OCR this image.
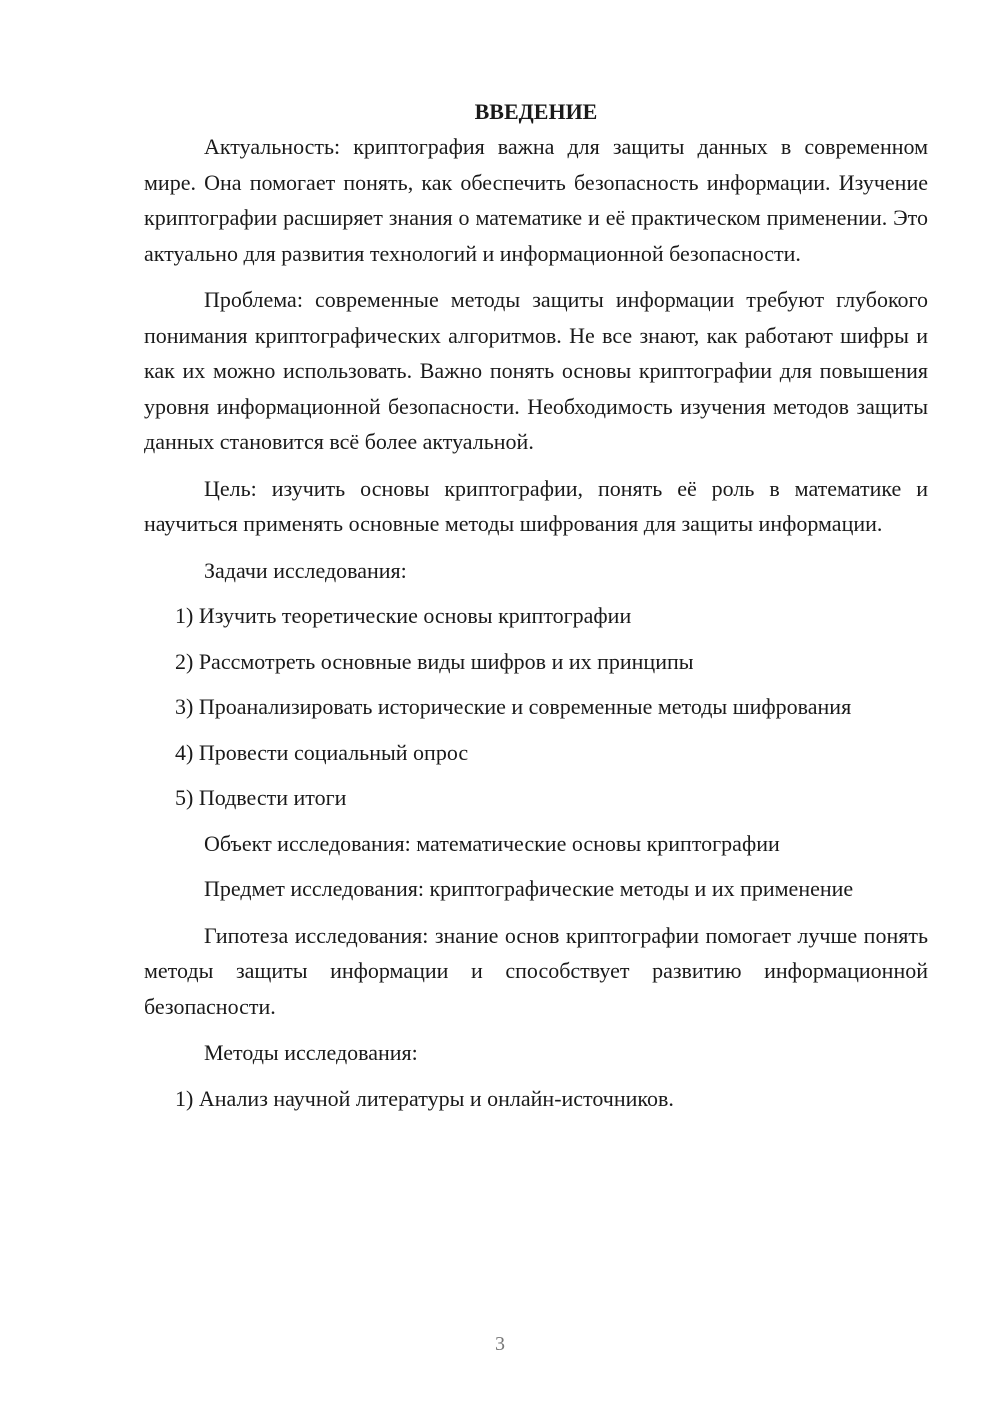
ВВЕДЕНИЕ

Актуальность: криптография важна для защиты данных в современном мире. Она помогает понять, как обеспечить безопасность информации. Изучение криптографии расширяет знания о математике и её практическом применении. Это актуально для развития технологий и информационной безопасности.

Проблема: современные методы защиты информации требуют глубокого понимания криптографических алгоритмов. Не все знают, как работают шифры и как их можно использовать. Важно понять основы криптографии для повышения уровня информационной безопасности. Необходимость изучения методов защиты данных становится всё более актуальной.

Цель: изучить основы криптографии, понять её роль в математике и научиться применять основные методы шифрования для защиты информации.

Задачи исследования:

1) Изучить теоретические основы криптографии

2) Рассмотреть основные виды шифров и их принципы

3) Проанализировать исторические и современные методы шифрования

4) Провести социальный опрос

5) Подвести итоги

Объект исследования: математические основы криптографии

Предмет исследования: криптографические методы и их применение

Гипотеза исследования: знание основ криптографии помогает лучше понять методы защиты информации и способствует развитию информационной безопасности.

Методы исследования:

1) Анализ научной литературы и онлайн-источников.

3
